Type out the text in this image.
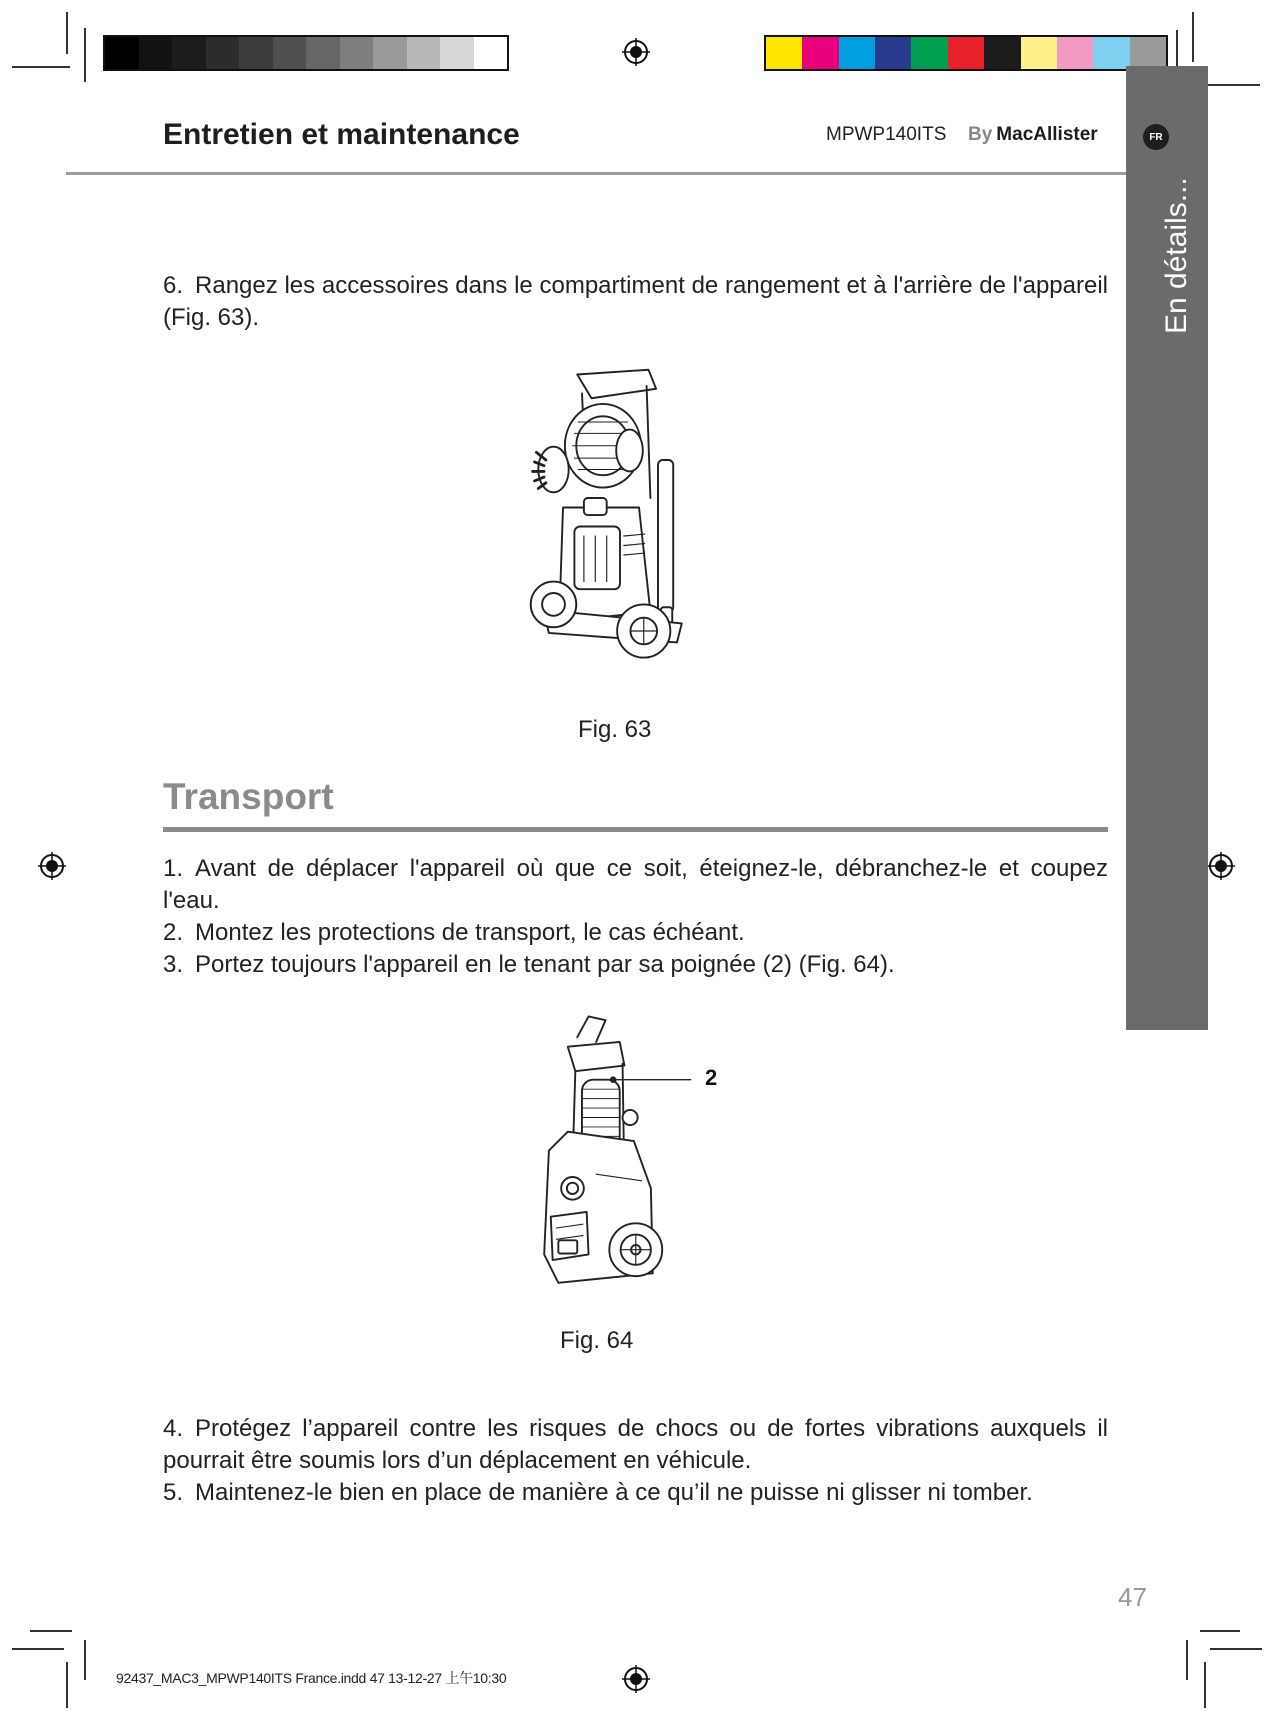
FR
En détails...
Entretien et maintenance	MPWP140ITS By MacAllister
6. Rangez les accessoires dans le compartiment de rangement et à l'arrière de l'appareil (Fig. 63).
Fig. 63
Transport
1. Avant de déplacer l'appareil où que ce soit, éteignez-le, débranchez-le et coupez l'eau.
2. Montez les protections de transport, le cas échéant.
3. Portez toujours l'appareil en le tenant par sa poignée (2) (Fig. 64).
2
Fig. 64
4. Protégez l’appareil contre les risques de chocs ou de fortes vibrations auxquels il pourrait être soumis lors d’un déplacement en véhicule.
5. Maintenez-le bien en place de manière à ce qu’il ne puisse ni glisser ni tomber.
47
92437_MAC3_MPWP140ITS France.indd 47 13-12-27 上午10:30
